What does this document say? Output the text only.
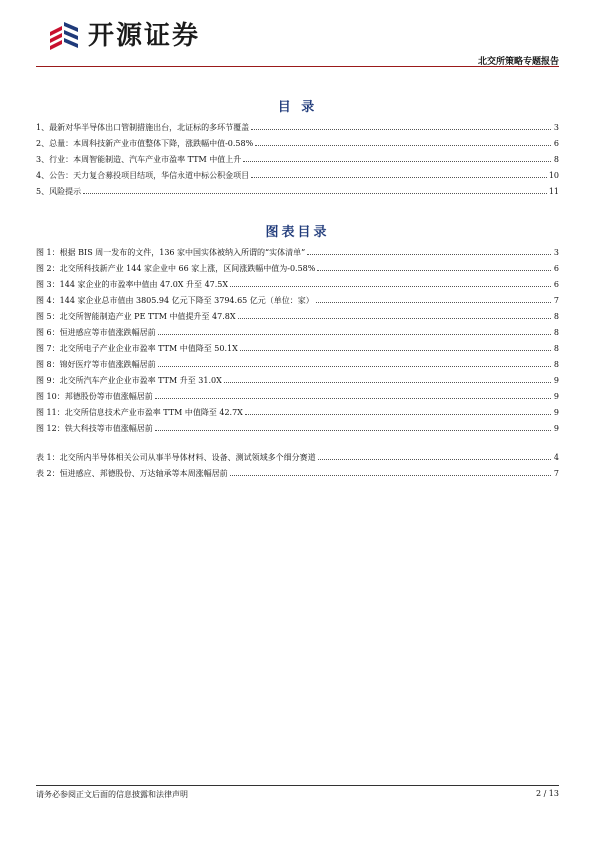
开源证券
北交所策略专题报告
目 录
1、 最新对华半导体出口管制措施出台，北证标的多环节覆盖	3
2、 总量：本周科技新产业市值整体下降，涨跌幅中值-0.58%	6
3、 行业：本周智能制造、汽车产业市盈率 TTM 中值上升	8
4、 公告：天力复合募投项目结项，华信永道中标公积金项目	10
5、 风险提示	11
图表目录
图 1： 根据 BIS 周一发布的文件，136 家中国实体被纳入所谓的“实体清单”	3
图 2： 北交所科技新产业 144 家企业中 66 家上涨，区间涨跌幅中值为-0.58%	6
图 3： 144 家企业的市盈率中值由 47.0X 升至 47.5X	6
图 4： 144 家企业总市值由 3805.94 亿元下降至 3794.65 亿元（单位：家）	7
图 5： 北交所智能制造产业 PE TTM 中值提升至 47.8X	8
图 6： 恒进感应等市值涨跌幅居前	8
图 7： 北交所电子产业企业市盈率 TTM 中值降至 50.1X	8
图 8： 锦好医疗等市值涨跌幅居前	8
图 9： 北交所汽车产业企业市盈率 TTM 升至 31.0X	9
图 10： 邦德股份等市值涨幅居前	9
图 11： 北交所信息技术产业市盈率 TTM 中值降至 42.7X	9
图 12： 铁大科技等市值涨幅居前	9
表 1： 北交所内半导体相关公司从事半导体材料、设备、测试领域多个细分赛道	4
表 2： 恒进感应、邦德股份、万达轴承等本周涨幅居前	7
请务必参阅正文后面的信息披露和法律声明	2 / 13
